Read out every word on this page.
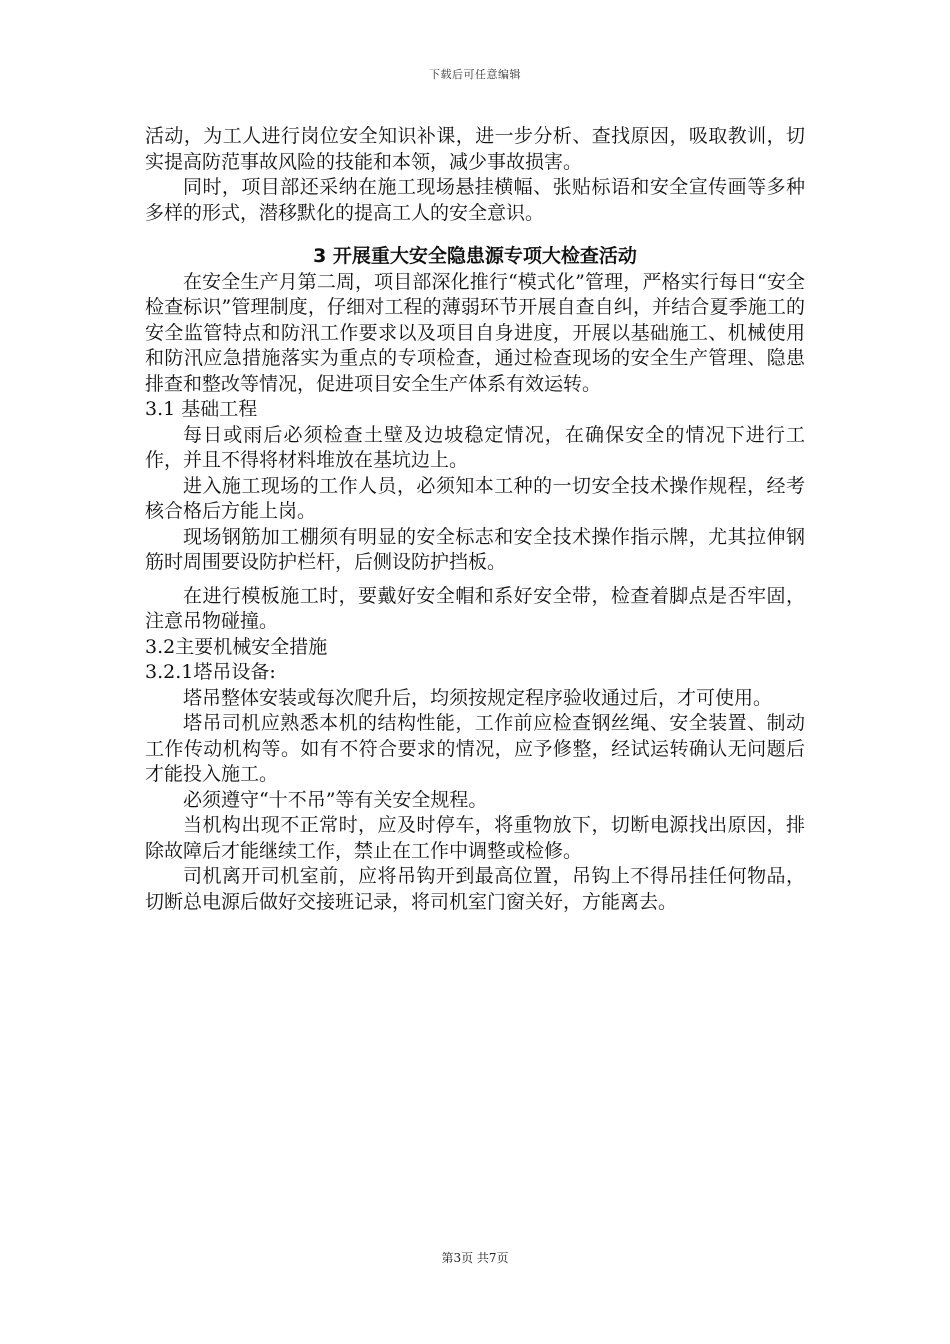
下载后可任意编辑

活动，为工人进行岗位安全知识补课，进一步分析、查找原因，吸取教训，切实提高防范事故风险的技能和本领，减少事故损害。

同时，项目部还采纳在施工现场悬挂横幅、张贴标语和安全宣传画等多种多样的形式，潜移默化的提高工人的安全意识。

3 开展重大安全隐患源专项大检查活动

在安全生产月第二周，项目部深化推行“模式化”管理，严格实行每日“安全检查标识”管理制度，仔细对工程的薄弱环节开展自查自纠，并结合夏季施工的安全监管特点和防汛工作要求以及项目自身进度，开展以基础施工、机械使用和防汛应急措施落实为重点的专项检查，通过检查现场的安全生产管理、隐患排查和整改等情况，促进项目安全生产体系有效运转。

3.1 基础工程

每日或雨后必须检查土壁及边坡稳定情况，在确保安全的情况下进行工作，并且不得将材料堆放在基坑边上。

进入施工现场的工作人员，必须知本工种的一切安全技术操作规程，经考核合格后方能上岗。

现场钢筋加工棚须有明显的安全标志和安全技术操作指示牌，尤其拉伸钢筋时周围要设防护栏杆，后侧设防护挡板。

在进行模板施工时，要戴好安全帽和系好安全带，检查着脚点是否牢固，注意吊物碰撞。

3.2主要机械安全措施

3.2.1塔吊设备:

塔吊整体安装或每次爬升后，均须按规定程序验收通过后，才可使用。

塔吊司机应熟悉本机的结构性能，工作前应检查钢丝绳、安全装置、制动工作传动机构等。如有不符合要求的情况，应予修整，经试运转确认无问题后才能投入施工。

必须遵守“十不吊”等有关安全规程。

当机构出现不正常时，应及时停车，将重物放下，切断电源找出原因，排除故障后才能继续工作，禁止在工作中调整或检修。

司机离开司机室前，应将吊钩开到最高位置，吊钩上不得吊挂任何物品，切断总电源后做好交接班记录，将司机室门窗关好，方能离去。

第3页 共7页
